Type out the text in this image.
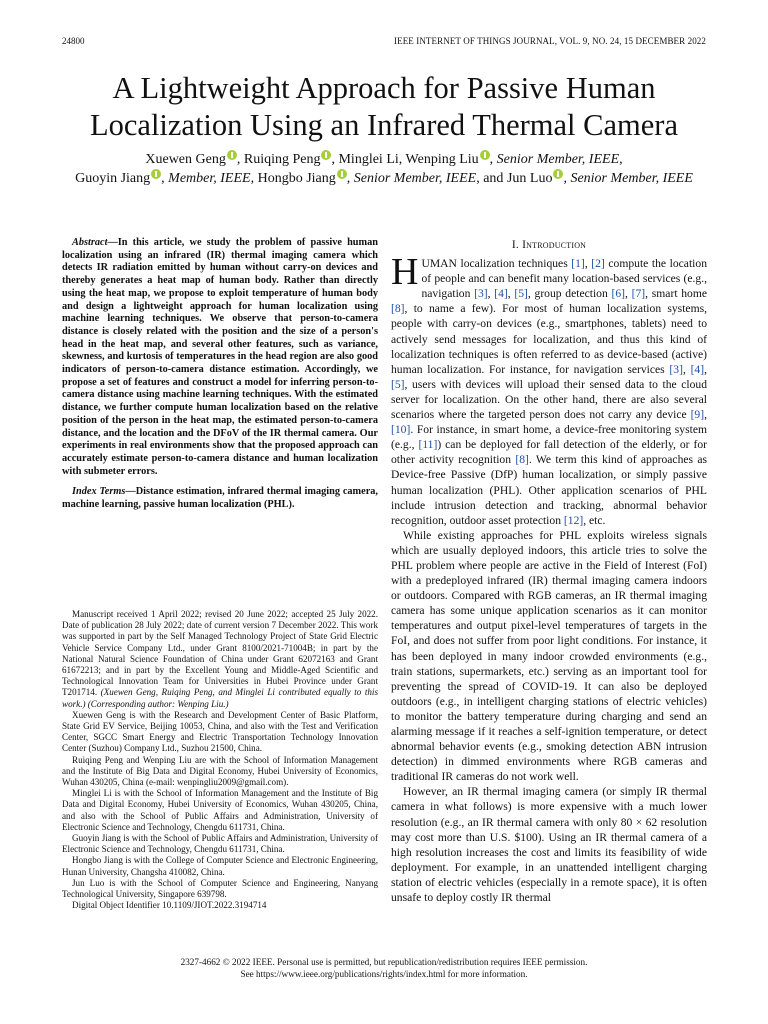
24800	IEEE INTERNET OF THINGS JOURNAL, VOL. 9, NO. 24, 15 DECEMBER 2022
A Lightweight Approach for Passive Human
Localization Using an Infrared Thermal Camera
Xuewen Geng , Ruiqing Peng , Minglei Li, Wenping Liu , Senior Member, IEEE,
Guoyin Jiang , Member, IEEE, Hongbo Jiang , Senior Member, IEEE, and Jun Luo , Senior Member, IEEE

Abstract—In this article, we study the problem of passive human localization using an infrared (IR) thermal imaging camera which detects IR radiation emitted by human without carry-on devices and thereby generates a heat map of human body. Rather than directly using the heat map, we propose to exploit temperature of human body and design a lightweight approach for human localization using machine learning techniques. We observe that person-to-camera distance is closely related with the position and the size of a person's head in the heat map, and several other features, such as variance, skewness, and kurtosis of temperatures in the head region are also good indicators of person-to-camera distance estimation. Accordingly, we propose a set of features and construct a model for inferring person-to-camera distance using machine learning techniques. With the estimated distance, we further compute human localization based on the relative position of the person in the heat map, the estimated person-to-camera distance, and the location and the DFoV of the IR thermal camera. Our experiments in real environments show that the proposed approach can accurately estimate person-to-camera distance and human localization with submeter errors.

Index Terms—Distance estimation, infrared thermal imaging camera, machine learning, passive human localization (PHL).

Manuscript received 1 April 2022; revised 20 June 2022; accepted 25 July 2022. Date of publication 28 July 2022; date of current version 7 December 2022. This work was supported in part by the Self Managed Technology Project of State Grid Electric Vehicle Service Company Ltd., under Grant 8100/2021-71004B; in part by the National Natural Science Foundation of China under Grant 62072163 and Grant 61672213; and in part by the Excellent Young and Middle-Aged Scientific and Technological Innovation Team for Universities in Hubei Province under Grant T201714. (Xuewen Geng, Ruiqing Peng, and Minglei Li contributed equally to this work.) (Corresponding author: Wenping Liu.)

Xuewen Geng is with the Research and Development Center of Basic Platform, State Grid EV Service, Beijing 10053, China, and also with the Test and Verification Center, SGCC Smart Energy and Electric Transportation Technology Innovation Center (Suzhou) Company Ltd., Suzhou 21500, China.

Ruiqing Peng and Wenping Liu are with the School of Information Management and the Institute of Big Data and Digital Economy, Hubei University of Economics, Wuhan 430205, China (e-mail: wenpingliu2009@gmail.com).

Minglei Li is with the School of Information Management and the Institute of Big Data and Digital Economy, Hubei University of Economics, Wuhan 430205, China, and also with the School of Public Affairs and Administration, University of Electronic Science and Technology, Chengdu 611731, China.

Guoyin Jiang is with the School of Public Affairs and Administration, University of Electronic Science and Technology, Chengdu 611731, China.

Hongbo Jiang is with the College of Computer Science and Electronic Engineering, Hunan University, Changsha 410082, China.

Jun Luo is with the School of Computer Science and Engineering, Nanyang Technological University, Singapore 639798.

Digital Object Identifier 10.1109/JIOT.2022.3194714

I. Introduction

HUMAN localization techniques [1], [2] compute the location of people and can benefit many location-based services (e.g., navigation [3], [4], [5], group detection [6], [7], smart home [8], to name a few). For most of human localization systems, people with carry-on devices (e.g., smartphones, tablets) need to actively send messages for localization, and thus this kind of localization techniques is often referred to as device-based (active) human localization. For instance, for navigation services [3], [4], [5], users with devices will upload their sensed data to the cloud server for localization. On the other hand, there are also several scenarios where the targeted person does not carry any device [9], [10]. For instance, in smart home, a device-free monitoring system (e.g., [11]) can be deployed for fall detection of the elderly, or for other activity recognition [8]. We term this kind of approaches as Device-free Passive (DfP) human localization, or simply passive human localization (PHL). Other application scenarios of PHL include intrusion detection and tracking, abnormal behavior recognition, outdoor asset protection [12], etc.

While existing approaches for PHL exploits wireless signals which are usually deployed indoors, this article tries to solve the PHL problem where people are active in the Field of Interest (FoI) with a predeployed infrared (IR) thermal imaging camera indoors or outdoors. Compared with RGB cameras, an IR thermal imaging camera has some unique application scenarios as it can monitor temperatures and output pixel-level temperatures of targets in the FoI, and does not suffer from poor light conditions. For instance, it has been deployed in many indoor crowded environments (e.g., train stations, supermarkets, etc.) serving as an important tool for preventing the spread of COVID-19. It can also be deployed outdoors (e.g., in intelligent charging stations of electric vehicles) to monitor the battery temperature during charging and send an alarming message if it reaches a self-ignition temperature, or detect abnormal behavior events (e.g., smoking detection ABN intrusion detection) in dimmed environments where RGB cameras and traditional IR cameras do not work well.

However, an IR thermal imaging camera (or simply IR thermal camera in what follows) is more expensive with a much lower resolution (e.g., an IR thermal camera with only 80 × 62 resolution may cost more than U.S. $100). Using an IR thermal camera of a high resolution increases the cost and limits its feasibility of wide deployment. For example, in an unattended intelligent charging station of electric vehicles (especially in a remote space), it is often unsafe to deploy costly IR thermal

2327-4662 © 2022 IEEE. Personal use is permitted, but republication/redistribution requires IEEE permission.
See https://www.ieee.org/publications/rights/index.html for more information.
